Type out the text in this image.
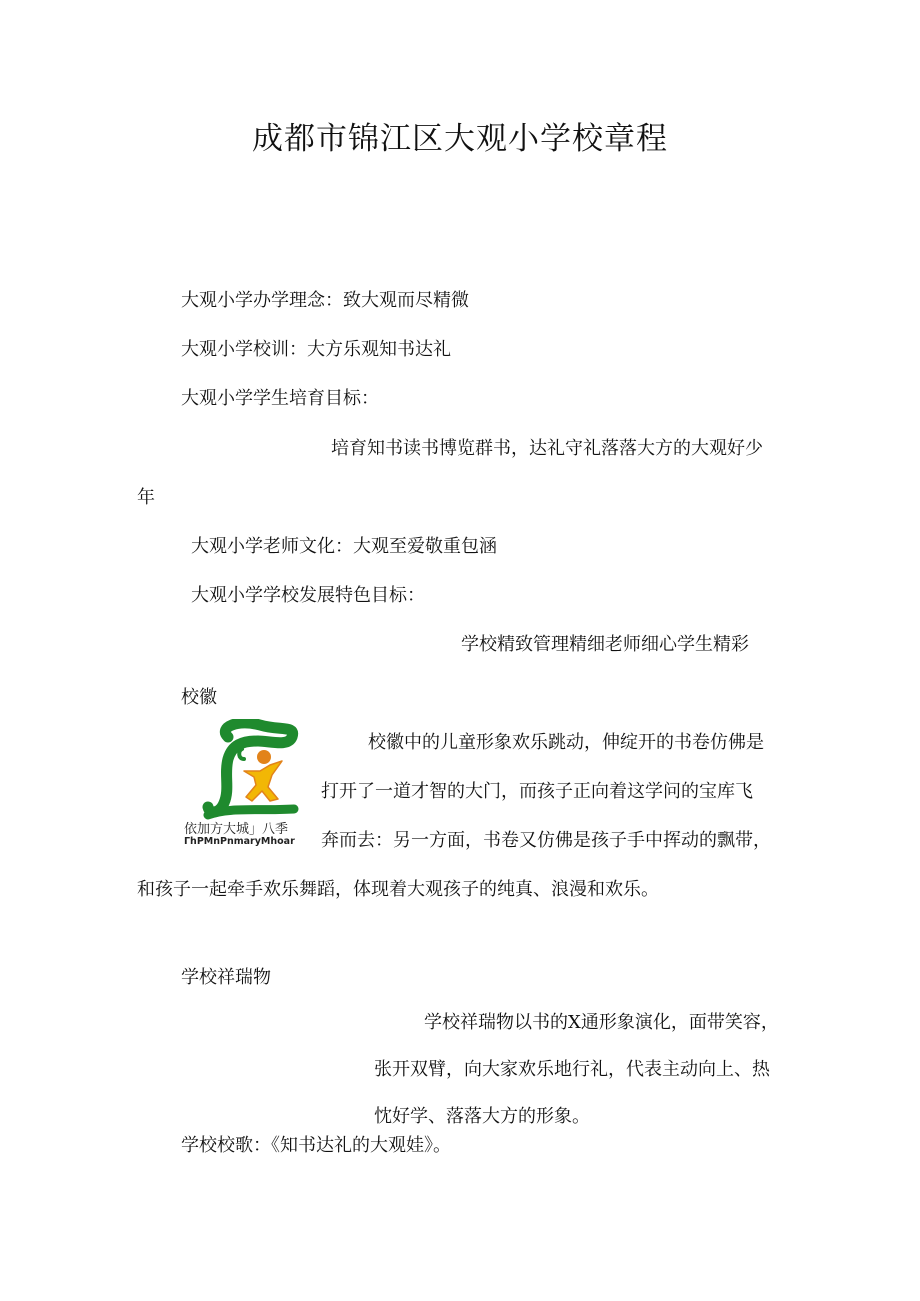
成都市锦江区大观小学校章程
大观小学办学理念：致大观而尽精微
大观小学校训：大方乐观知书达礼
大观小学学生培育目标：
培育知书读书博览群书，达礼守礼落落大方的大观好少
年
大观小学老师文化：大观至爱敬重包涵
大观小学学校发展特色目标：
学校精致管理精细老师细心学生精彩
校徽
依加方大城」八季
ΓhPMnPnmaryMhoar
校徽中的儿童形象欢乐跳动，伸绽开的书卷仿佛是
打开了一道才智的大门，而孩子正向着这学问的宝库飞
奔而去：另一方面，书卷又仿佛是孩子手中挥动的飘带，
和孩子一起牵手欢乐舞蹈，体现着大观孩子的纯真、浪漫和欢乐。
学校祥瑞物
学校祥瑞物以书的X通形象演化，面带笑容，
张开双臂，向大家欢乐地行礼，代表主动向上、热
忱好学、落落大方的形象。
学校校歌：《知书达礼的大观娃》。
